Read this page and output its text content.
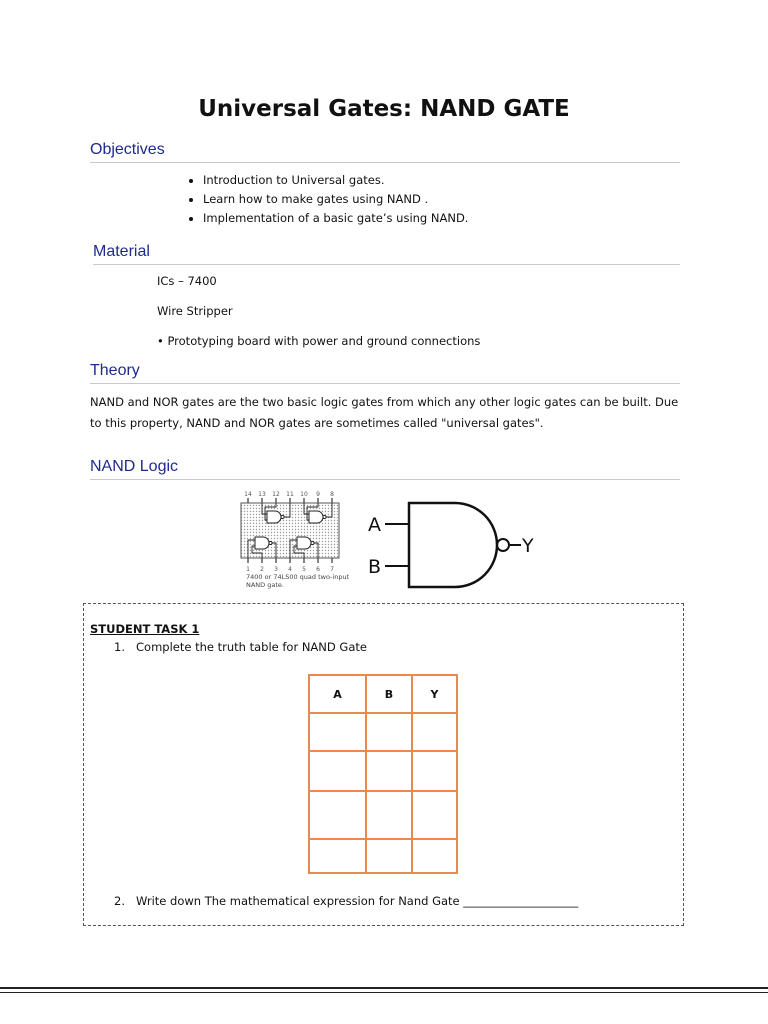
Universal Gates: NAND GATE
Objectives
• Introduction to Universal gates.
• Learn how to make gates using NAND .
• Implementation of a basic gate’s using NAND.
Material
ICs – 7400
Wire Stripper
• Prototyping board with power and ground connections
Theory

NAND and NOR gates are the two basic logic gates from which any other logic gates can be built. Due to this property, NAND and NOR gates are sometimes called "universal gates".

NAND Logic
14 13 12 11 10 9 8
1 2 3 4 5 6 7
7400 or 74LS00 quad two-input
NAND gate.
A
B
Y
STUDENT TASK 1
1. Complete the truth table for NAND Gate
A	B	Y

2. Write down The mathematical expression for Nand Gate ____________________
